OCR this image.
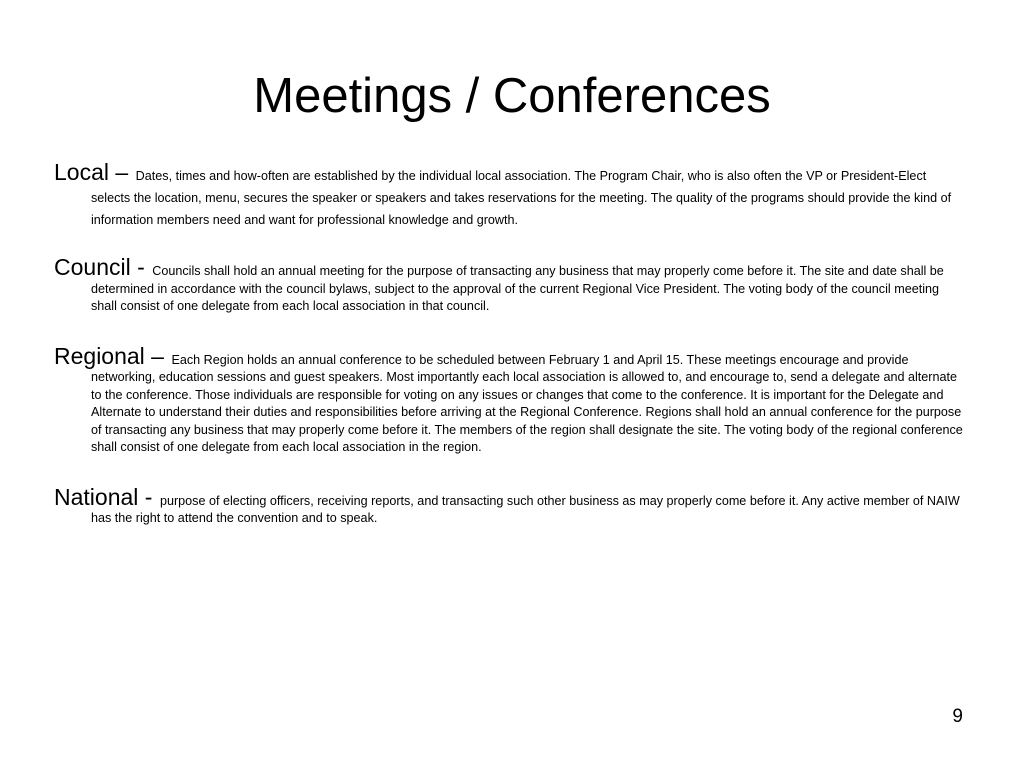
Meetings / Conferences

Local – Dates, times and how-often are established by the individual local association. The Program Chair, who is also often the VP or President-Elect selects the location, menu, secures the speaker or speakers and takes reservations for the meeting. The quality of the programs should provide the kind of information members need and want for professional knowledge and growth.

Council - Councils shall hold an annual meeting for the purpose of transacting any business that may properly come before it. The site and date shall be determined in accordance with the council bylaws, subject to the approval of the current Regional Vice President. The voting body of the council meeting shall consist of one delegate from each local association in that council.

Regional – Each Region holds an annual conference to be scheduled between February 1 and April 15. These meetings encourage and provide networking, education sessions and guest speakers. Most importantly each local association is allowed to, and encourage to, send a delegate and alternate to the conference. Those individuals are responsible for voting on any issues or changes that come to the conference. It is important for the Delegate and Alternate to understand their duties and responsibilities before arriving at the Regional Conference. Regions shall hold an annual conference for the purpose of transacting any business that may properly come before it. The members of the region shall designate the site. The voting body of the regional conference shall consist of one delegate from each local association in the region.

National - purpose of electing officers, receiving reports, and transacting such other business as may properly come before it. Any active member of NAIW has the right to attend the convention and to speak.

9
